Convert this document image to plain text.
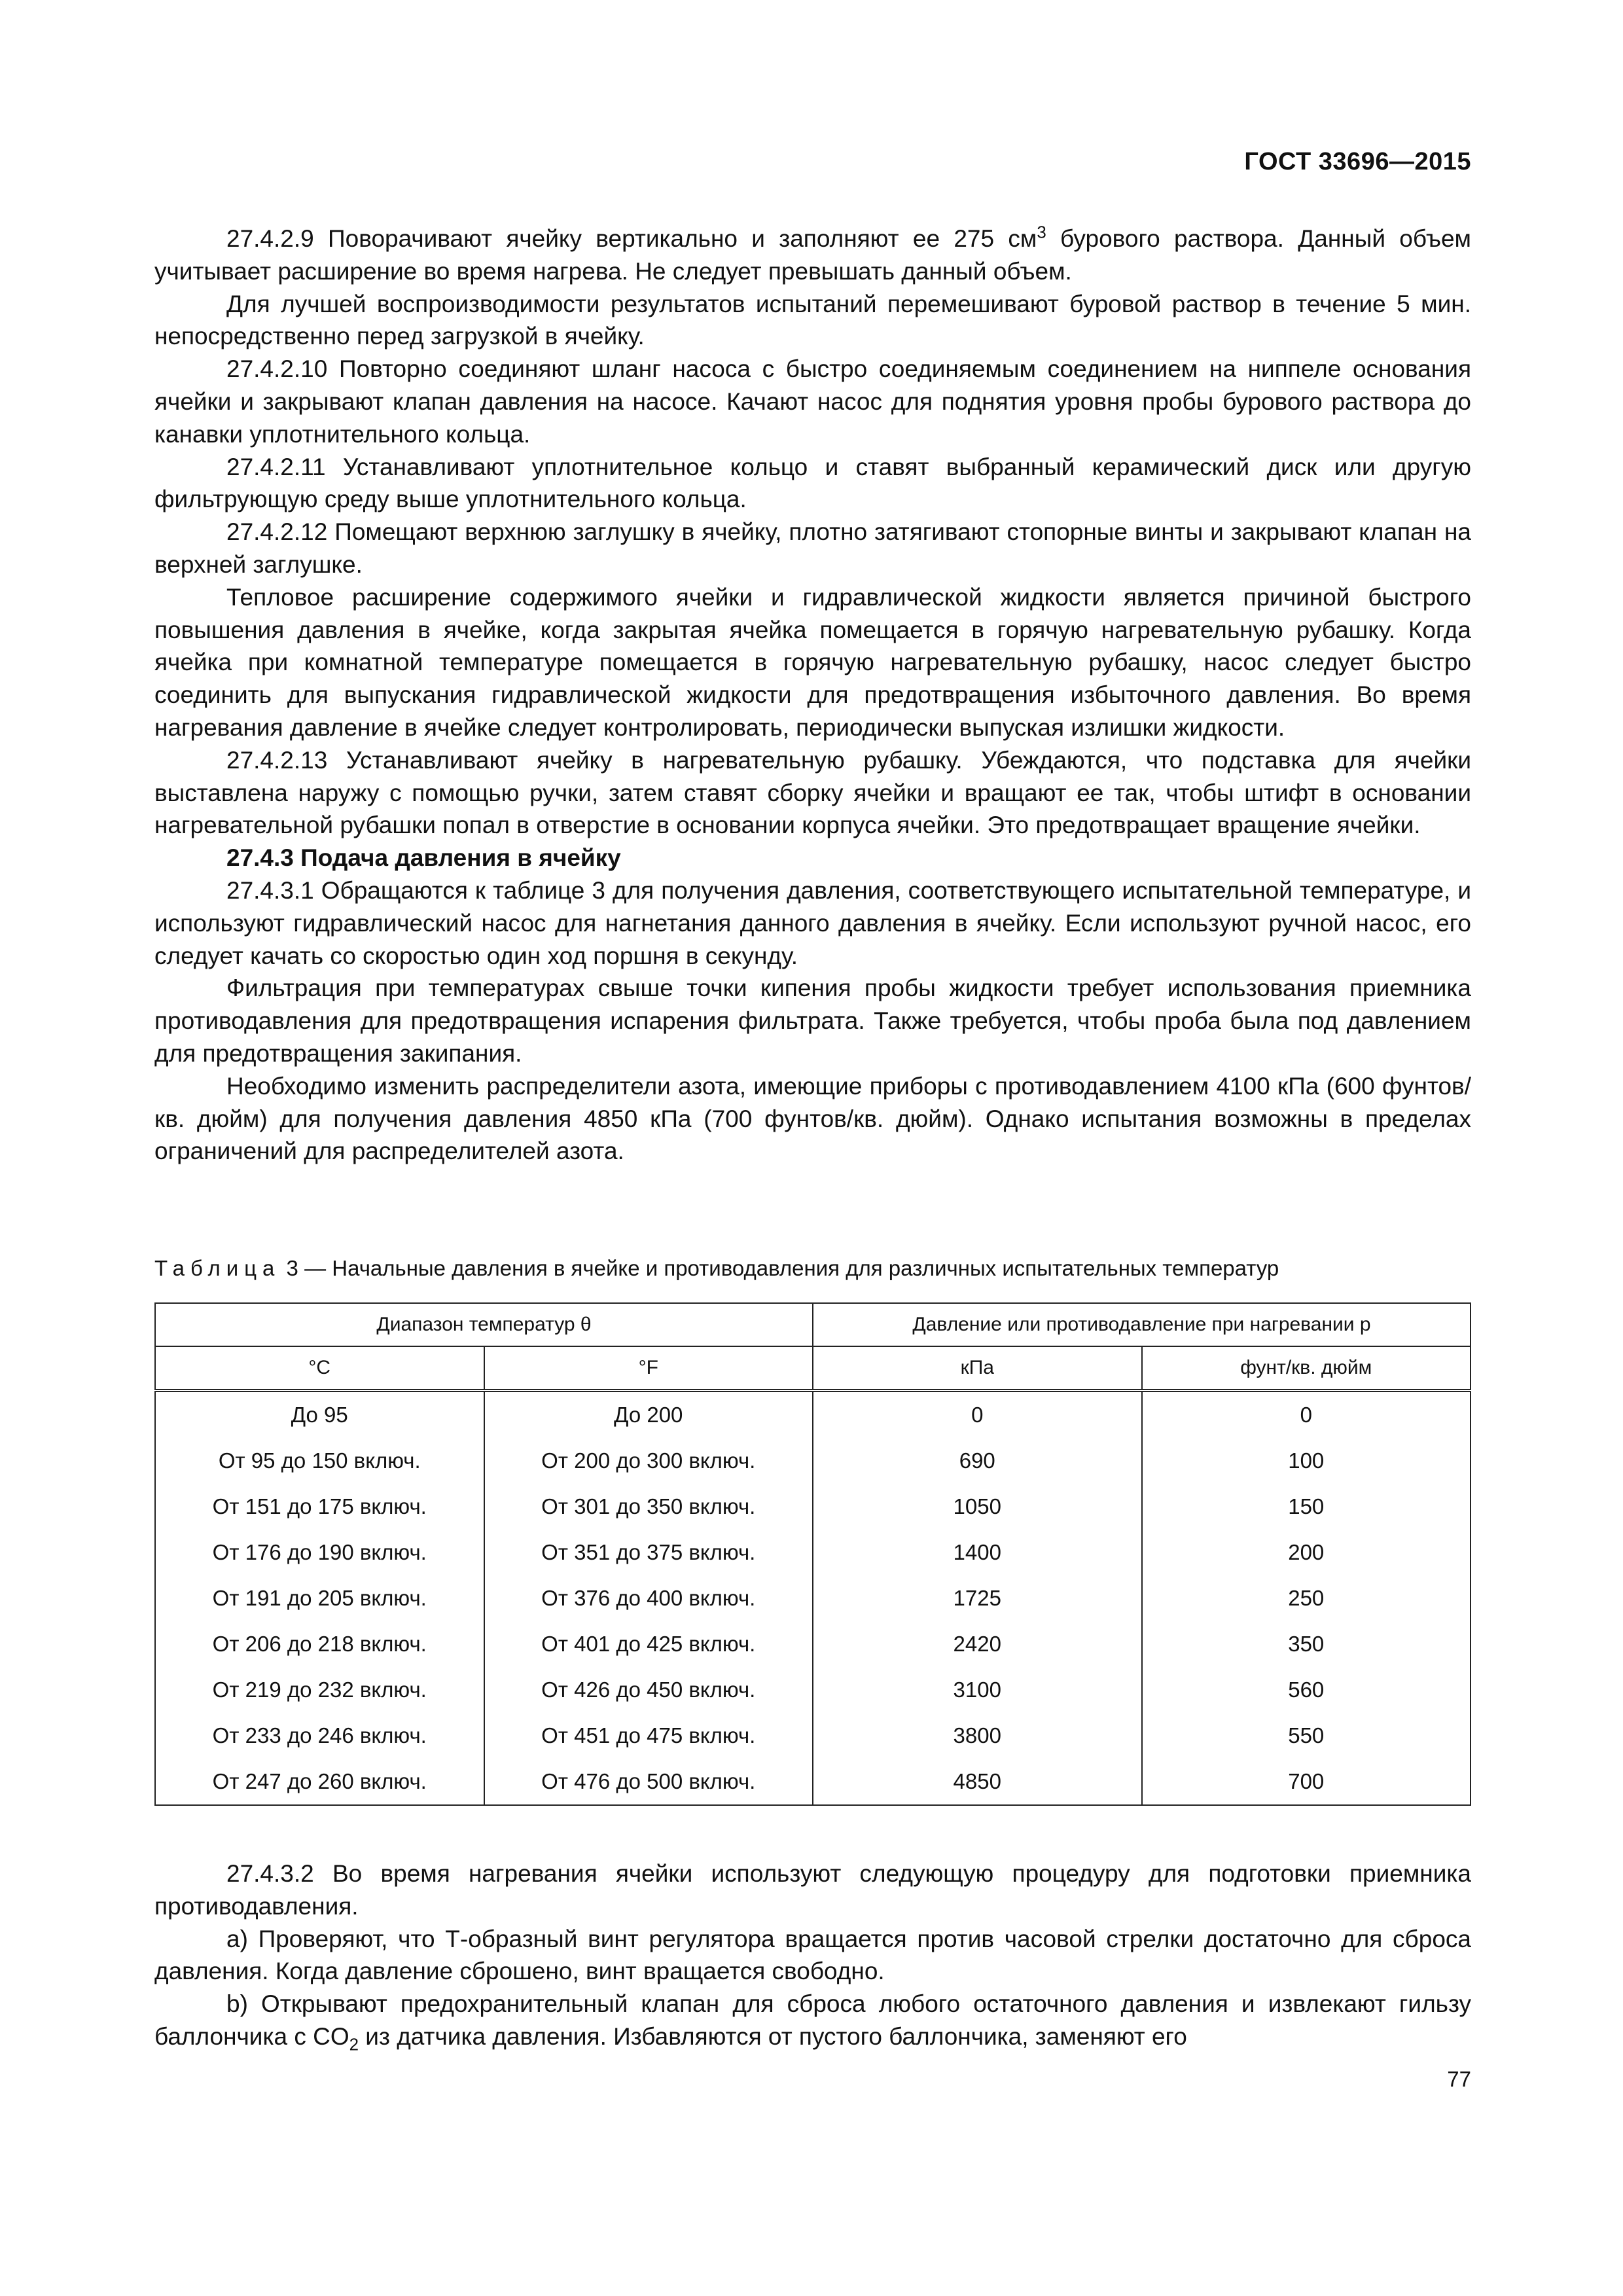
ГОСТ 33696—2015

27.4.2.9 Поворачивают ячейку вертикально и заполняют ее 275 $см^3$ бурового раствора. Данный объем учитывает расширение во время нагрева. Не следует превышать данный объем.

Для лучшей воспроизводимости результатов испытаний перемешивают буровой раствор в течение 5 мин. непосредственно перед загрузкой в ячейку.

27.4.2.10 Повторно соединяют шланг насоса с быстро соединяемым соединением на ниппеле основания ячейки и закрывают клапан давления на насосе. Качают насос для поднятия уровня пробы бурового раствора до канавки уплотнительного кольца.

27.4.2.11 Устанавливают уплотнительное кольцо и ставят выбранный керамический диск или другую фильтрующую среду выше уплотнительного кольца.

27.4.2.12 Помещают верхнюю заглушку в ячейку, плотно затягивают стопорные винты и закрывают клапан на верхней заглушке.

Тепловое расширение содержимого ячейки и гидравлической жидкости является причиной быстрого повышения давления в ячейке, когда закрытая ячейка помещается в горячую нагревательную рубашку. Когда ячейка при комнатной температуре помещается в горячую нагревательную рубашку, насос следует быстро соединить для выпускания гидравлической жидкости для предотвращения избыточного давления. Во время нагревания давление в ячейке следует контролировать, периодически выпуская излишки жидкости.

27.4.2.13 Устанавливают ячейку в нагревательную рубашку. Убеждаются, что подставка для ячейки выставлена наружу с помощью ручки, затем ставят сборку ячейки и вращают ее так, чтобы штифт в основании нагревательной рубашки попал в отверстие в основании корпуса ячейки. Это предотвращает вращение ячейки.

27.4.3 Подача давления в ячейку

27.4.3.1 Обращаются к таблице 3 для получения давления, соответствующего испытательной температуре, и используют гидравлический насос для нагнетания данного давления в ячейку. Если используют ручной насос, его следует качать со скоростью один ход поршня в секунду.

Фильтрация при температурах свыше точки кипения пробы жидкости требует использования приемника противодавления для предотвращения испарения фильтрата. Также требуется, чтобы проба была под давлением для предотвращения закипания.

Необходимо изменить распределители азота, имеющие приборы с противодавлением 4100 кПа (600 фунтов/кв. дюйм) для получения давления 4850 кПа (700 фунтов/кв. дюйм). Однако испытания возможны в пределах ограничений для распределителей азота.

Таблица 3 — Начальные давления в ячейке и противодавления для различных испытательных температур
Диапазон температур θ		Давление или противодавление при нагревании p	
°C	°F	кПа	фунт/кв. дюйм
До 95	До 200	0	0
От 95 до 150 включ.	От 200 до 300 включ.	690	100
От 151 до 175 включ.	От 301 до 350 включ.	1050	150
От 176 до 190 включ.	От 351 до 375 включ.	1400	200
От 191 до 205 включ.	От 376 до 400 включ.	1725	250
От 206 до 218 включ.	От 401 до 425 включ.	2420	350
От 219 до 232 включ.	От 426 до 450 включ.	3100	560
От 233 до 246 включ.	От 451 до 475 включ.	3800	550
От 247 до 260 включ.	От 476 до 500 включ.	4850	700

27.4.3.2 Во время нагревания ячейки используют следующую процедуру для подготовки приемника противодавления.

a) Проверяют, что Т-образный винт регулятора вращается против часовой стрелки достаточно для сброса давления. Когда давление сброшено, винт вращается свободно.

b) Открывают предохранительный клапан для сброса любого остаточного давления и извлекают гильзу баллончика с $CO_2$ из датчика давления. Избавляются от пустого баллончика, заменяют его

77
